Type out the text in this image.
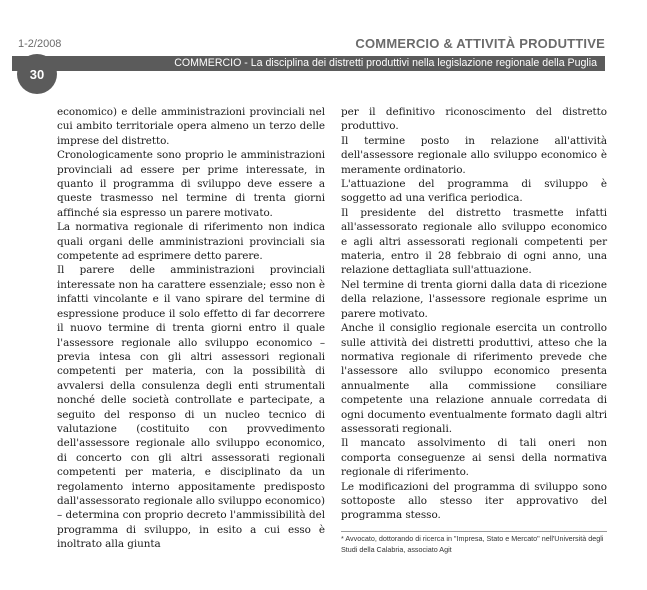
1-2/2008	COMMERCIO & ATTIVITÀ PRODUTTIVE
COMMERCIO - La disciplina dei distretti produttivi nella legislazione regionale della Puglia
30

economico) e delle amministrazioni provinciali nel cui ambito territoriale opera almeno un terzo delle imprese del distretto.

Cronologicamente sono proprio le amministrazioni provinciali ad essere per prime interessate, in quanto il programma di sviluppo deve essere a queste trasmesso nel termine di trenta giorni affinché sia espresso un parere motivato.

La normativa regionale di riferimento non indica quali organi delle amministrazioni provinciali sia competente ad esprimere detto parere.

Il parere delle amministrazioni provinciali interessate non ha carattere essenziale; esso non è infatti vincolante e il vano spirare del termine di espressione produce il solo effetto di far decorrere il nuovo termine di trenta giorni entro il quale l'assessore regionale allo sviluppo economico – previa intesa con gli altri assessori regionali competenti per materia, con la possibilità di avvalersi della consulenza degli enti strumentali nonché delle società controllate e partecipate, a seguito del responso di un nucleo tecnico di valutazione (costituito con provvedimento dell'assessore regionale allo sviluppo economico, di concerto con gli altri assessorati regionali competenti per materia, e disciplinato da un regolamento interno appositamente predisposto dall'assessorato regionale allo sviluppo economico) – determina con proprio decreto l'ammissibilità del programma di sviluppo, in esito a cui esso è inoltrato alla giunta

per il definitivo riconoscimento del distretto produttivo.

Il termine posto in relazione all'attività dell'assessore regionale allo sviluppo economico è meramente ordinatorio.

L'attuazione del programma di sviluppo è soggetto ad una verifica periodica.

Il presidente del distretto trasmette infatti all'assessorato regionale allo sviluppo economico e agli altri assessorati regionali competenti per materia, entro il 28 febbraio di ogni anno, una relazione dettagliata sull'attuazione.

Nel termine di trenta giorni dalla data di ricezione della relazione, l'assessore regionale esprime un parere motivato.

Anche il consiglio regionale esercita un controllo sulle attività dei distretti produttivi, atteso che la normativa regionale di riferimento prevede che l'assessore allo sviluppo economico presenta annualmente alla commissione consiliare competente una relazione annuale corredata di ogni documento eventualmente formato dagli altri assessorati regionali.

Il mancato assolvimento di tali oneri non comporta conseguenze ai sensi della normativa regionale di riferimento.

Le modificazioni del programma di sviluppo sono sottoposte allo stesso iter approvativo del programma stesso.

* Avvocato, dottorando di ricerca in "Impresa, Stato e Mercato" nell'Università degli Studi della Calabria, associato Agit
